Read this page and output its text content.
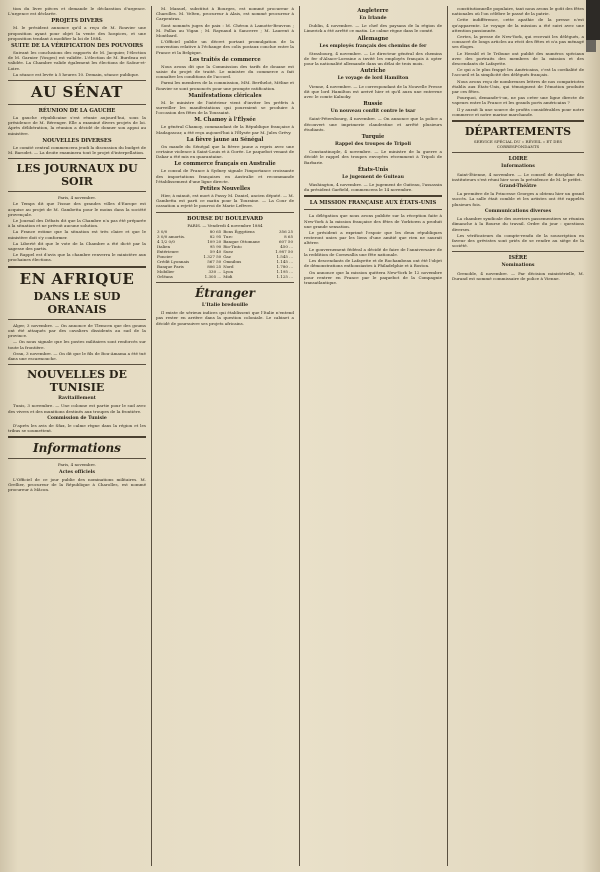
tion du livre pièces et demande le déclaration d'urgence. L'urgence est déclarée.
PROJETS DIVERS
M. le président annonce qu'il a reçu de M. Rouvier une proposition ayant pour objet la vente des hospices, et une proposition tendant à modifier la loi de 1884.
SUITE DE LA VÉRIFICATION DES POUVOIRS
Suivant les conclusions des rapports de M. Jacquier, l'élection de M. Garnier (Vosges) est validée. L'élection de M. Burdeau est validée. La Chambre valide également les élections de Saône-et-Loire.
La séance est levée à 5 heures 10. Demain, séance publique.
AU SÉNAT
RÉUNION DE LA GAUCHE
La gauche républicaine s'est réunie aujourd'hui, sous la présidence de M. Bérenger. Elle a examiné divers projets de loi. Après délibération, la réunion a décidé de donner son appui au ministère.
NOUVELLES DIVERSES
Le comité central commencera jeudi la discussion du budget de M. Barodet. — La droite examinera tout le projet d'interpellation.
LES JOURNAUX DU SOIR
Paris, 4 novembre.
Le Temps dit que l'issue des grandes villes d'Europe est acquise au projet de M. Gambetta pour le moins dans la société provençale.
Le Journal des Débats dit que la Chambre n'a pas été préparée à la situation et ne prévoit aucune solution.
La France estime que la situation est très claire et que le ministère doit s'y conformer.
La Liberté dit que le vote de la Chambre a été dicté par la sagesse des partis.
Le Rappel est d'avis que la chambre renverra le ministère aux prochaines élections.
EN AFRIQUE
DANS LE SUD ORANAIS
Alger, 3 novembre. — On annonce de Tlemcen que des goums ont été attaqués par des cavaliers dissidents au sud de la province.
— On nous signale que les postes militaires sont renforcés sur toute la frontière.
Oran, 3 novembre. — On dit que le fils de Bou-Amama a été tué dans une escarmouche.
NOUVELLES DE TUNISIE
Ravitaillement
Tunis, 3 novembre. — Une colonne est partie pour le sud avec des vivres et des munitions destinés aux troupes de la frontière.
Commission de Tunisie
D'après les avis de Sfax, le calme règne dans la région et les tribus se soumettent.
Informations
Paris, 4 novembre.
Actes officiels
L'Officiel de ce jour publie des nominations militaires. M. Grellier, procureur de la République à Charolles, est nommé procureur à Mâcon.
M. Manuel, substitut à Bourges, est nommé procureur à Charolles. M. Velten, procureur à Alais, est nommé procureur à Carpentras.
Sont nommés juges de paix : M. Chéron à Lamotte-Beuvron ; M. Pallas au Vigan ; M. Raynaud à Sancerre ; M. Laurent à Montbard.
L'Officiel publie un décret portant promulgation de la convention relative à l'échange des colis postaux conclue entre la France et la Belgique.
Les traités de commerce
Nous avons dit que la Commission des tarifs de douane est saisie du projet de traité. Le ministre du commerce a fait connaître les conditions de l'accord.
Parmi les membres de la commission, MM. Berthelot, Méline et Rouvier se sont prononcés pour une prompte ratification.
Manifestations cléricales
M. le ministre de l'intérieur vient d'inviter les préfets à surveiller les manifestations qui pourraient se produire à l'occasion des fêtes de la Toussaint.
M. Chamoy à l'Élysée
Le général Chamoy, commandant de la République française à Madagascar, a été reçu aujourd'hui à l'Élysée par M. Jules Grévy.
La fièvre jaune au Sénégal
On mande du Sénégal que la fièvre jaune a repris avec une certaine violence à Saint-Louis et à Gorée. Le paquebot venant de Dakar a été mis en quarantaine.
Le commerce français en Australie
Le consul de France à Sydney signale l'importance croissante des importations françaises en Australie et recommande l'établissement d'une ligne directe.
Petites Nouvelles
Hier, à minuit, est mort à Passy M. Daniel, ancien député. — M. Gambetta est parti ce matin pour la Touraine. — La Cour de cassation a rejeté le pourvoi de Marie Lefèvre.
BOURSE DU BOULEVARD
PARIS. — Vendredi 4 novembre 1884
3 0/0	80 65	Bons Égyptiens	356 25
3 0/0 amortis.	82 95	Turc	8 65
4 1/2 0/0	109 20	Banque Ottomane	607 50
Italien	95 90	Rio-Tinto	450 ...
Extérieure	59 40	Suez	1.987 50
Foncier	1.327 50	Gaz	1.545 ...
Crédit Lyonnais	567 50	Omnibus	1.145 ...
Banque Paris	806 25	Nord	1.780 ...
Mobilier	330 ...	Lyon	1.195 ...
Orléans	1.305 ...	Midi	1.125 ...
Étranger
L'Italie bredouille
Il existe de sérieux indices qui établissent que l'Italie n'entend pas rester en arrière dans la question coloniale. Le cabinet a décidé de poursuivre ses projets africains.
Angleterre
En Irlande
Dublin, 4 novembre. — Le chef des paysans de la région de Limerick a été arrêté ce matin. Le calme règne dans le comté.
Allemagne
Les employés français des chemins de fer
Strasbourg, 4 novembre. — Le directeur général des chemins de fer d'Alsace-Lorraine a invité les employés français à opter pour la nationalité allemande dans un délai de trois mois.
Autriche
Le voyage de lord Hamilton
Vienne, 4 novembre. — Le correspondant de la Nouvelle Presse dit que lord Hamilton est arrivé hier et qu'il aura une entrevue avec le comte Kalnoky.
Russie
Un nouveau conflit contre le tsar
Saint-Pétersbourg, 4 novembre. — On annonce que la police a découvert une imprimerie clandestine et arrêté plusieurs étudiants.
Turquie
Rappel des troupes de Tripoli
Constantinople, 4 novembre. — Le ministre de la guerre a décidé le rappel des troupes envoyées récemment à Tripoli de Barbarie.
États-Unis
Le jugement de Guiteau
Washington, 4 novembre. — Le jugement de Guiteau, l'assassin du président Garfield, commencera le 14 novembre.
LA MISSION FRANÇAISE AUX ÉTATS-UNIS
La délégation que nous avons publiée sur la réception faite à New-York à la mission française des fêtes de Yorktown a produit une grande sensation.
Le président a exprimé l'espoir que les deux républiques resteront unies par les liens d'une amitié que rien ne saurait altérer.
Le gouvernement fédéral a décidé de faire de l'anniversaire de la reddition de Cornwallis une fête nationale.
Les descendants de Lafayette et de Rochambeau ont été l'objet de démonstrations enthousiastes à Philadelphie et à Boston.
On annonce que la mission quittera New-York le 12 novembre pour rentrer en France par le paquebot de la Compagnie transatlantique.
constitutionnelle populaire, tant nous avons le goût des fêtes nationales où l'on célèbre le passé de la patrie.
Cette indifférence, cette apathie de la presse n'est qu'apparente. Le voyage de la mission a été suivi avec une attention passionnée.
Certes, la presse de New-York, qui recevait les délégués, a consacré de longs articles au récit des fêtes et n'a pas ménagé ses éloges.
Le Herald et le Tribune ont publié des numéros spéciaux avec des portraits des membres de la mission et des descendants de Lafayette.
Ce qui a le plus frappé les Américains, c'est la cordialité de l'accueil et la simplicité des délégués français.
Nous avons reçu de nombreuses lettres de nos compatriotes établis aux États-Unis, qui témoignent de l'émotion produite par ces fêtes.
Pourquoi, demande-t-on, ne pas créer une ligne directe de vapeurs entre la France et les grands ports américains ?
Il y aurait là une source de profits considérables pour notre commerce et notre marine marchande.
DÉPARTEMENTS
SERVICE SPÉCIAL DU « RÉVEIL » ET DES CORRESPONDANTS
LOIRE
Informations
Saint-Étienne, 4 novembre. — Le conseil de discipline des instituteurs s'est réuni hier sous la présidence de M. le préfet.
Grand-Théâtre
La première de la Princesse Georges a obtenu hier un grand succès. La salle était comble et les artistes ont été rappelés plusieurs fois.
Communications diverses
La chambre syndicale des ouvriers passementiers se réunira dimanche à la Bourse du travail. Ordre du jour : questions diverses.
Les vérificateurs du compte-rendu de la souscription en faveur des grévistes sont priés de se rendre au siège de la société.
ISÈRE
Nominations
Grenoble, 4 novembre. — Par décision ministérielle, M. Durand est nommé commissaire de police à Vienne.
